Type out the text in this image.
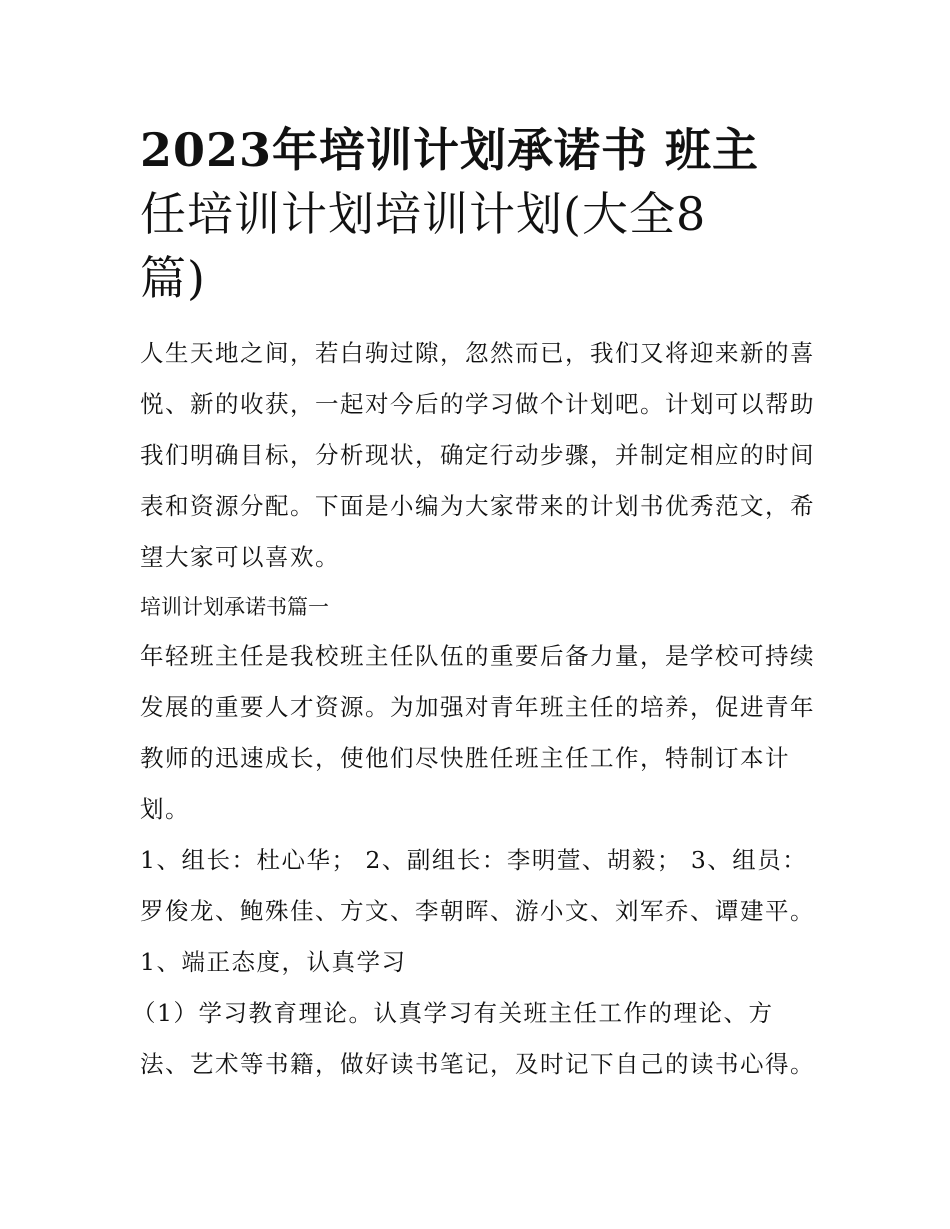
2023年培训计划承诺书 班主
任培训计划培训计划(大全8
篇)

人生天地之间，若白驹过隙，忽然而已，我们又将迎来新的喜悦、新的收获，一起对今后的学习做个计划吧。计划可以帮助我们明确目标，分析现状，确定行动步骤，并制定相应的时间表和资源分配。下面是小编为大家带来的计划书优秀范文，希望大家可以喜欢。

培训计划承诺书篇一

年轻班主任是我校班主任队伍的重要后备力量，是学校可持续发展的重要人才资源。为加强对青年班主任的培养，促进青年教师的迅速成长，使他们尽快胜任班主任工作，特制订本计划。

1、组长：杜心华； 2、副组长：李明萱、胡毅； 3、组员：罗俊龙、鲍殊佳、方文、李朝晖、游小文、刘军乔、谭建平。

1、端正态度，认真学习

（1）学习教育理论。认真学习有关班主任工作的理论、方法、艺术等书籍，做好读书笔记，及时记下自己的读书心得。
